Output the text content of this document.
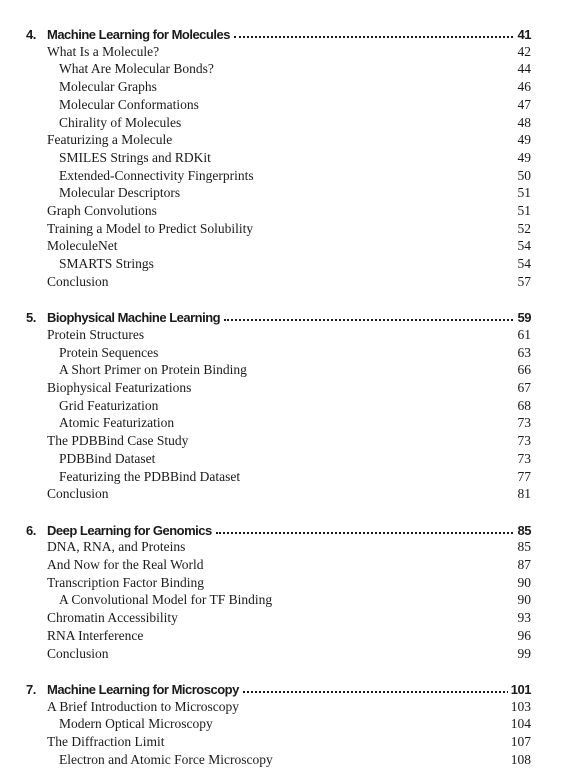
4. Machine Learning for Molecules	41
What Is a Molecule?	42
What Are Molecular Bonds?	44
Molecular Graphs	46
Molecular Conformations	47
Chirality of Molecules	48
Featurizing a Molecule	49
SMILES Strings and RDKit	49
Extended-Connectivity Fingerprints	50
Molecular Descriptors	51
Graph Convolutions	51
Training a Model to Predict Solubility	52
MoleculeNet	54
SMARTS Strings	54
Conclusion	57
5. Biophysical Machine Learning	59
Protein Structures	61
Protein Sequences	63
A Short Primer on Protein Binding	66
Biophysical Featurizations	67
Grid Featurization	68
Atomic Featurization	73
The PDBBind Case Study	73
PDBBind Dataset	73
Featurizing the PDBBind Dataset	77
Conclusion	81
6. Deep Learning for Genomics	85
DNA, RNA, and Proteins	85
And Now for the Real World	87
Transcription Factor Binding	90
A Convolutional Model for TF Binding	90
Chromatin Accessibility	93
RNA Interference	96
Conclusion	99
7. Machine Learning for Microscopy	101
A Brief Introduction to Microscopy	103
Modern Optical Microscopy	104
The Diffraction Limit	107
Electron and Atomic Force Microscopy	108
